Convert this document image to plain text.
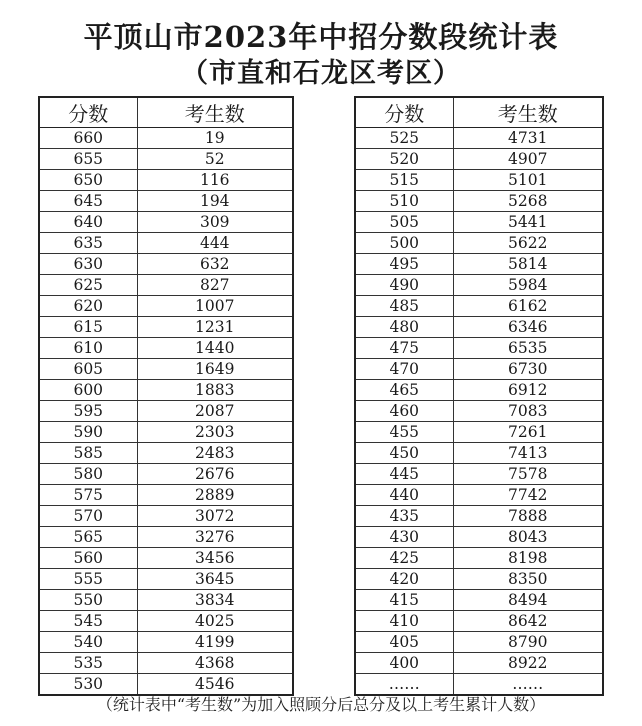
平顶山市2023年中招分数段统计表
（市直和石龙区考区）
分数	考生数
660	19
655	52
650	116
645	194
640	309
635	444
630	632
625	827
620	1007
615	1231
610	1440
605	1649
600	1883
595	2087
590	2303
585	2483
580	2676
575	2889
570	3072
565	3276
560	3456
555	3645
550	3834
545	4025
540	4199
535	4368
530	4546
分数	考生数
525	4731
520	4907
515	5101
510	5268
505	5441
500	5622
495	5814
490	5984
485	6162
480	6346
475	6535
470	6730
465	6912
460	7083
455	7261
450	7413
445	7578
440	7742
435	7888
430	8043
425	8198
420	8350
415	8494
410	8642
405	8790
400	8922
……	……
（统计表中“考生数”为加入照顾分后总分及以上考生累计人数）
